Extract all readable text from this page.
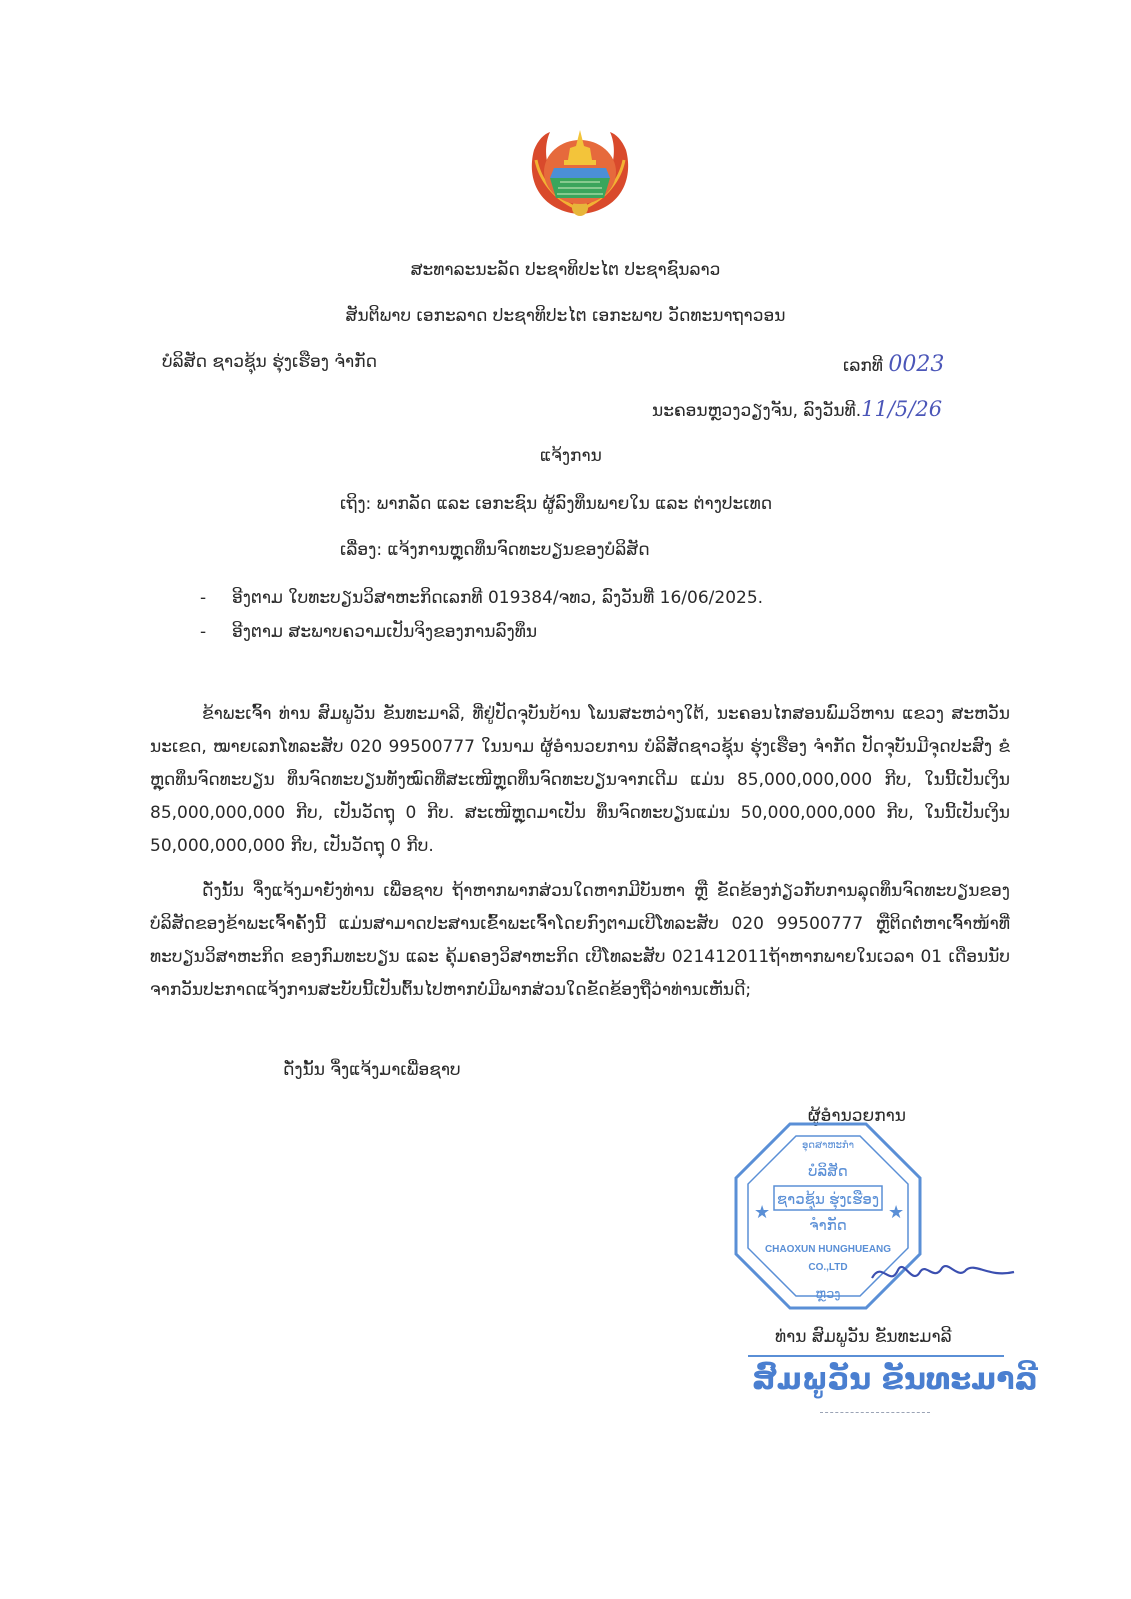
ສະທາລະນະລັດ ປະຊາທິປະໄຕ ປະຊາຊົນລາວ
ສັນຕິພາບ ເອກະລາດ ປະຊາທິປະໄຕ ເອກະພາບ ວັດທະນາຖາວອນ
ບໍລິສັດ ຊາວຊຸ້ນ ຮຸ່ງເຮືອງ ຈຳກັດ	ເລກທີ 0023
ນະຄອນຫຼວງວຽງຈັນ, ລົງວັນທີ.11/5/26
ແຈ້ງການ
ເຖິງ: ພາກລັດ ແລະ ເອກະຊົນ ຜູ້ລົງທຶນພາຍໃນ ແລະ ຕ່າງປະເທດ
ເລື່ອງ: ແຈ້ງການຫຼຸດທຶນຈົດທະບຽນຂອງບໍລິສັດ
- ອີງຕາມ ໃບທະບຽນວິສາຫະກິດເລກທີ 019384/ຈທວ, ລົງວັນທີ່ 16/06/2025.
- ອີງຕາມ ສະພາບຄວາມເປັນຈິງຂອງການລົງທຶນ
ຂ້າພະເຈົ້າ ທ່ານ ສົມພູວັນ ຂັນທະມາລີ, ທີ່ຢູ່ປັດຈຸບັນບ້ານ ໂພນສະຫວ່າງໃຕ້, ນະຄອນໄກສອນພົມວິຫານ ແຂວງ ສະຫວັນນະເຂດ, ໝາຍເລກໂທລະສັບ 020 99500777 ໃນນາມ ຜູ້ອຳນວຍການ ບໍລິສັດຊາວຊຸ້ນ ຮຸ່ງເຮືອງ ຈຳກັດ ປັດຈຸບັນມີຈຸດປະສົງ ຂໍຫຼຸດທຶນຈົດທະບຽນ ທຶນຈົດທະບຽນທັງໝົດທີ່ສະເໜີຫຼຸດທຶນຈົດທະບຽນຈາກເດີມ ແມ່ນ 85,000,000,000 ກີບ, ໃນນີ້ເປັນເງິນ 85,000,000,000 ກີບ, ເປັນວັດຖຸ 0 ກີບ. ສະເໜີຫຼຸດມາເປັນ ທຶນຈົດທະບຽນແມ່ນ 50,000,000,000 ກີບ, ໃນນີ້ເປັນເງິນ 50,000,000,000 ກີບ, ເປັນວັດຖຸ 0 ກີບ.
ດັ່ງນັ້ນ ຈຶ່ງແຈ້ງມາຍັງທ່ານ ເພື່ອຊາບ ຖ້າຫາກພາກສ່ວນໃດຫາກມີບັນຫາ ຫຼື ຂັດຂ້ອງກ່ຽວກັບການລຸດທຶນຈົດທະບຽນຂອງບໍລິສັດຂອງຂ້າພະເຈົ້າຄັ້ງນີ້ ແມ່ນສາມາດປະສານເຂົ້າພະເຈົ້າໂດຍກົງຕາມເບີໂທລະສັບ 020 99500777 ຫຼືຕິດຕໍ່ຫາເຈົ້າໜ້າທີ່ທະບຽນວິສາຫະກິດ ຂອງກົມທະບຽນ ແລະ ຄຸ້ມຄອງວິສາຫະກິດ ເບີໂທລະສັບ 021412011ຖ້າຫາກພາຍໃນເວລາ 01 ເດືອນນັບຈາກວັນປະກາດແຈ້ງການສະບັບນີ້ເປັນຕົ້ນໄປຫາກບໍ່ມີພາກສ່ວນໃດຂັດຂ້ອງຖືວ່າທ່ານເຫັນດີ;
ດັ່ງນັ້ນ ຈຶ່ງແຈ້ງມາເພື່ອຊາບ
ຜູ້ອຳນວຍການ
★	★
ອຸດສາຫະກຳ
ບໍລິສັດ
ຊາວຊຸ້ນ ຮຸ່ງເຮືອງ
ຈຳກັດ
CHAOXUN HUNGHUEANG
CO.,LTD
ຫຼວງ
ທ່ານ ສົມພູວັນ ຂັນທະມາລີ
ສົມພູວັນ ຂັນທະມາລີ
